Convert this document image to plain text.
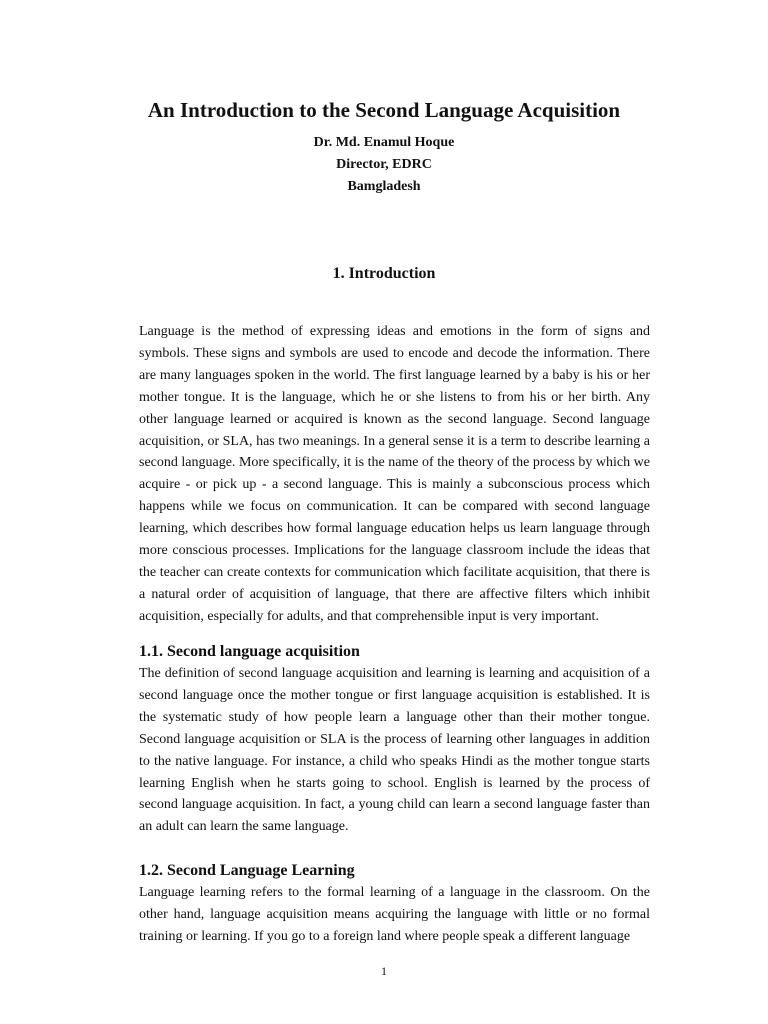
An Introduction to the Second Language Acquisition
Dr. Md. Enamul Hoque
Director, EDRC
Bamgladesh
1. Introduction

Language is the method of expressing ideas and emotions in the form of signs and symbols. These signs and symbols are used to encode and decode the information. There are many languages spoken in the world. The first language learned by a baby is his or her mother tongue. It is the language, which he or she listens to from his or her birth. Any other language learned or acquired is known as the second language. Second language acquisition, or SLA, has two meanings. In a general sense it is a term to describe learning a second language. More specifically, it is the name of the theory of the process by which we acquire - or pick up - a second language. This is mainly a subconscious process which happens while we focus on communication. It can be compared with second language learning, which describes how formal language education helps us learn language through more conscious processes. Implications for the language classroom include the ideas that the teacher can create contexts for communication which facilitate acquisition, that there is a natural order of acquisition of language, that there are affective filters which inhibit acquisition, especially for adults, and that comprehensible input is very important.

1.1. Second language acquisition

The definition of second language acquisition and learning is learning and acquisition of a second language once the mother tongue or first language acquisition is established. It is the systematic study of how people learn a language other than their mother tongue. Second language acquisition or SLA is the process of learning other languages in addition to the native language. For instance, a child who speaks Hindi as the mother tongue starts learning English when he starts going to school. English is learned by the process of second language acquisition. In fact, a young child can learn a second language faster than an adult can learn the same language.

1.2. Second Language Learning

Language learning refers to the formal learning of a language in the classroom. On the other hand, language acquisition means acquiring the language with little or no formal training or learning. If you go to a foreign land where people speak a different language

1
